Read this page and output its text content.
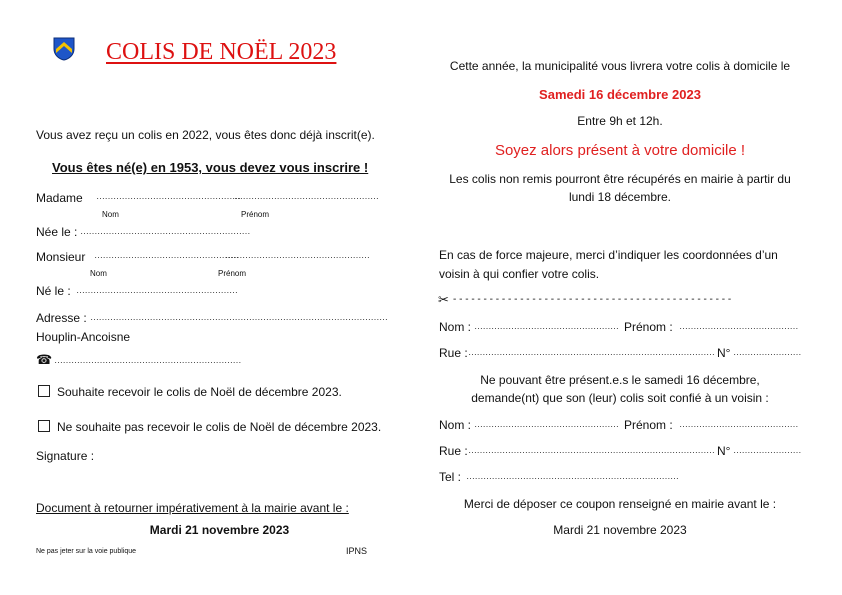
COLIS DE NOËL 2023
Vous avez reçu un colis en 2022, vous êtes donc déjà inscrit(e).
Vous êtes né(e) en 1953, vous devez vous inscrire !
Madame ……………………………………………
……………………………………………
Nom	Prénom
Née le : ……………………………………………………
Monsieur ……………………………………………
……………………………………………
Nom	Prénom
Né le : …………………………………………………
Adresse : ……………………………………………………………………………………………
Houplin-Ancoisne
☎ …………………………………………………………
Souhaite recevoir le colis de Noël de décembre 2023.
Ne souhaite pas recevoir le colis de Noël de décembre 2023.
Signature :
Document à retourner impérativement à la mairie avant le :
Mardi 21 novembre 2023
Ne pas jeter sur la voie publique	IPNS
Cette année, la municipalité vous livrera votre colis à domicile le
Samedi 16 décembre 2023
Entre 9h et 12h.
Soyez alors présent à votre domicile !
Les colis non remis pourront être récupérés en mairie à partir du
lundi 18 décembre.
En cas de force majeure, merci d’indiquer les coordonnées d’un
voisin à qui confier votre colis.
✂ - - - - - - - - - - - - - - - - - - - - - - - - - - - - - - - - - - - - - - - - - - - - - -
Nom : …………………………………………… Prénom : ……………………………………
Rue : …………………………………………………………………………… N° ……………………
Ne pouvant être présent.e.s le samedi 16 décembre,
demande(nt) que son (leur) colis soit confié à un voisin :
Nom : …………………………………………… Prénom : ……………………………………
Rue : …………………………………………………………………………… N° ……………………
Tel : …………………………………………………………………
Merci de déposer ce coupon renseigné en mairie avant le :
Mardi 21 novembre 2023
